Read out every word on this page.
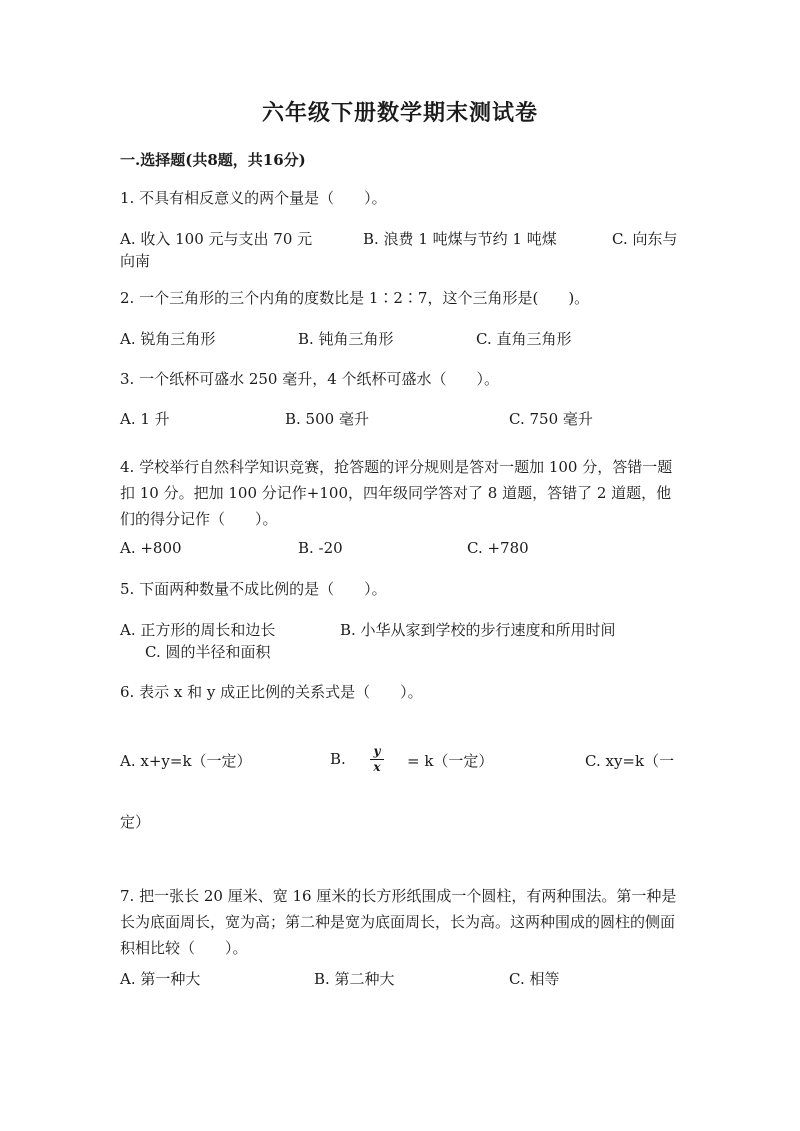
六年级下册数学期末测试卷
一.选择题(共8题，共16分)
1. 不具有相反意义的两个量是（　　）。
A. 收入 100 元与支出 70 元	B. 浪费 1 吨煤与节约 1 吨煤	C. 向东与
向南
2. 一个三角形的三个内角的度数比是 1∶2∶7，这个三角形是(　　)。
A. 锐角三角形	B. 钝角三角形	C. 直角三角形
3. 一个纸杯可盛水 250 毫升，4 个纸杯可盛水（　　）。
A. 1 升	B. 500 毫升	C. 750 毫升
4. 学校举行自然科学知识竞赛，抢答题的评分规则是答对一题加 100 分，答错一题扣 10 分。把加 100 分记作+100，四年级同学答对了 8 道题，答错了 2 道题，他们的得分记作（　　）。
A. +800	B. -20	C. +780
5. 下面两种数量不成比例的是（　　）。
A. 正方形的周长和边长	B. 小华从家到学校的步行速度和所用时间
C. 圆的半径和面积
6. 表示 x 和 y 成正比例的关系式是（　　）。
A. x+y=k（一定）	B. y
x = k（一定）	C. xy=k（一
定）
7. 把一张长 20 厘米、宽 16 厘米的长方形纸围成一个圆柱，有两种围法。第一种是长为底面周长，宽为高；第二种是宽为底面周长，长为高。这两种围成的圆柱的侧面积相比较（　　）。
A. 第一种大	B. 第二种大	C. 相等
